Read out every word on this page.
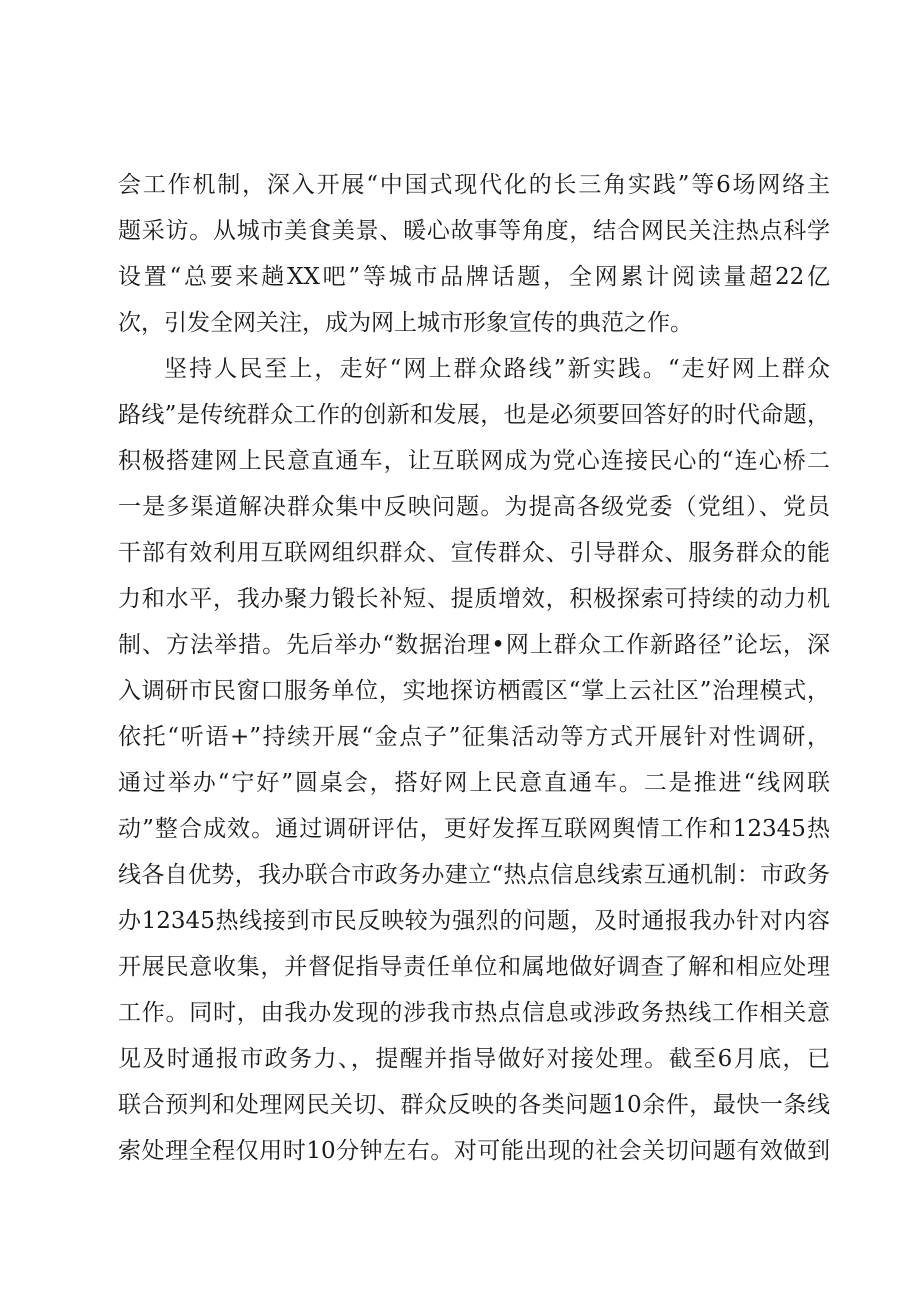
会工作机制，深入开展“中国式现代化的长三角实践”等6场网络主
题采访。从城市美食美景、暖心故事等角度，结合网民关注热点科学
设置“总要来趟XX吧”等城市品牌话题，全网累计阅读量超22亿
次，引发全网关注，成为网上城市形象宣传的典范之作。
坚持人民至上，走好“网上群众路线”新实践。“走好网上群众
路线”是传统群众工作的创新和发展，也是必须要回答好的时代命题，
积极搭建网上民意直通车，让互联网成为党心连接民心的“连心桥二
一是多渠道解决群众集中反映问题。为提高各级党委（党组）、党员
干部有效利用互联网组织群众、宣传群众、引导群众、服务群众的能
力和水平，我办聚力锻长补短、提质增效，积极探索可持续的动力机
制、方法举措。先后举办“数据治理•网上群众工作新路径”论坛，深
入调研市民窗口服务单位，实地探访栖霞区“掌上云社区”治理模式，
依托“听语+”持续开展“金点子”征集活动等方式开展针对性调研，
通过举办“宁好”圆桌会，搭好网上民意直通车。二是推进“线网联
动”整合成效。通过调研评估，更好发挥互联网舆情工作和12345热
线各自优势，我办联合市政务办建立“热点信息线索互通机制：市政务
办12345热线接到市民反映较为强烈的问题，及时通报我办针对内容
开展民意收集，并督促指导责任单位和属地做好调查了解和相应处理
工作。同时，由我办发现的涉我市热点信息或涉政务热线工作相关意
见及时通报市政务力、，提醒并指导做好对接处理。截至6月底，已
联合预判和处理网民关切、群众反映的各类问题10余件，最快一条线
索处理全程仅用时10分钟左右。对可能出现的社会关切问题有效做到
